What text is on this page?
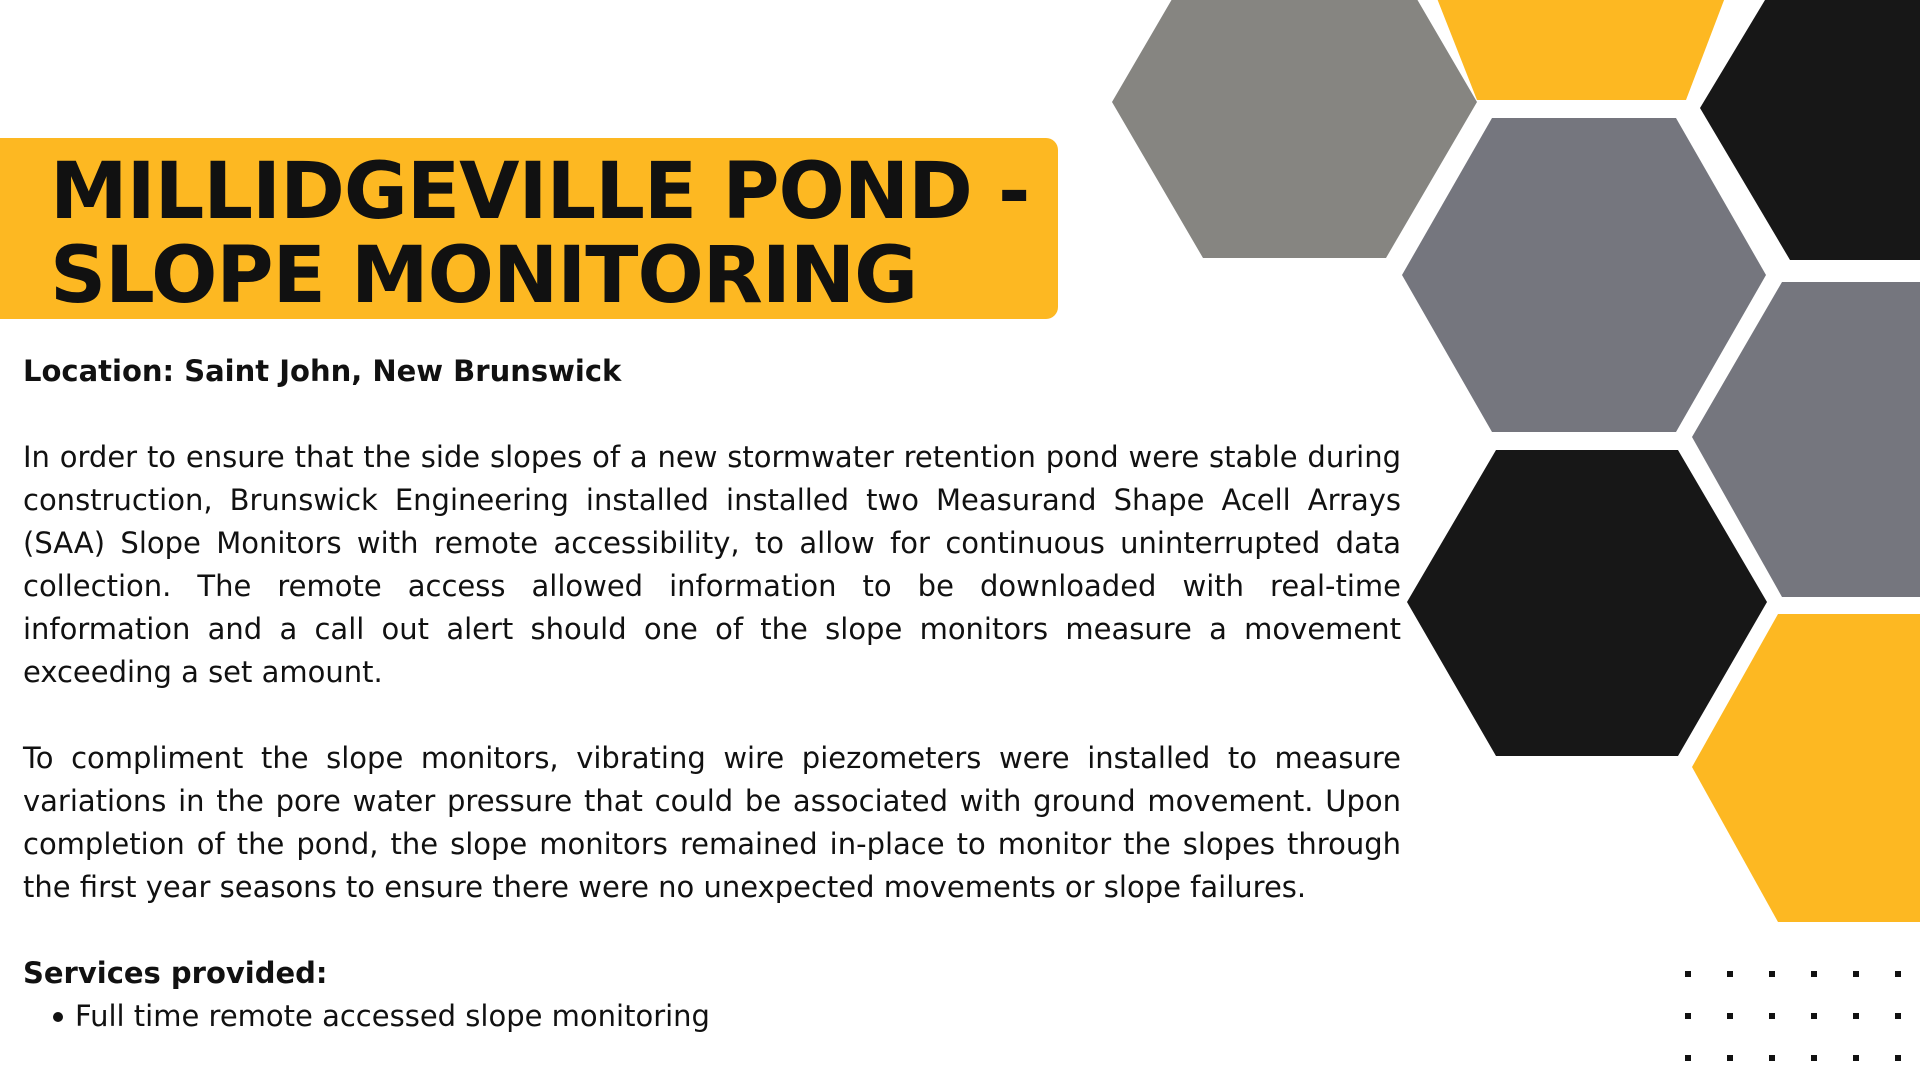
MILLIDGEVILLE POND -
SLOPE MONITORING

Location: Saint John, New Brunswick

In order to ensure that the side slopes of a new stormwater retention pond were stable during construction, Brunswick Engineering installed installed two Measurand Shape Acell Arrays (SAA) Slope Monitors with remote accessibility, to allow for continuous uninterrupted data collection. The remote access allowed information to be downloaded with real-time information and a call out alert should one of the slope monitors measure a movement exceeding a set amount.

To compliment the slope monitors, vibrating wire piezometers were installed to measure variations in the pore water pressure that could be associated with ground movement. Upon completion of the pond, the slope monitors remained in-place to monitor the slopes through the first year seasons to ensure there were no unexpected movements or slope failures.

Services provided:

Full time remote accessed slope monitoring
